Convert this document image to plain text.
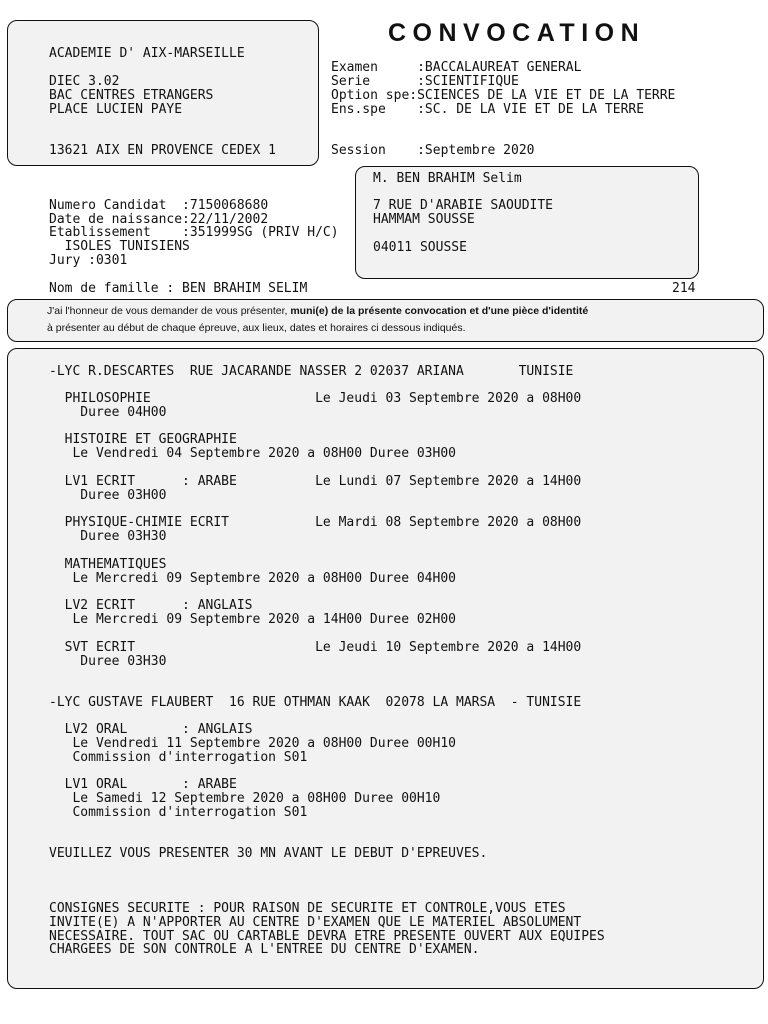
CONVOCATION
ACADEMIE D' AIX-MARSEILLE
DIEC 3.02
BAC CENTRES ETRANGERS
PLACE LUCIEN PAYE
13621 AIX EN PROVENCE CEDEX 1
Examen     :BACCALAUREAT GENERAL
Serie      :SCIENTIFIQUE
Option spe:SCIENCES DE LA VIE ET DE LA TERRE
Ens.spe    :SC. DE LA VIE ET DE LA TERRE
Session    :Septembre 2020
M. BEN BRAHIM Selim
7 RUE D'ARABIE SAOUDITE
HAMMAM SOUSSE
04011 SOUSSE
Numero Candidat  :7150068680
Date de naissance:22/11/2002
Etablissement    :351999SG (PRIV H/C)
ISOLES TUNISIENS
Jury :0301
Nom de famille : BEN BRAHIM SELIM	214
J'ai l'honneur de vous demander de vous présenter, muni(e) de la présente convocation et d'une pièce d'identité
à présenter au début de chaque épreuve, aux lieux, dates et horaires ci dessous indiqués.
-LYC R.DESCARTES  RUE JACARANDE NASSER 2 02037 ARIANA       TUNISIE
PHILOSOPHIE                     Le Jeudi 03 Septembre 2020 a 08H00
Duree 04H00
HISTOIRE ET GEOGRAPHIE
Le Vendredi 04 Septembre 2020 a 08H00 Duree 03H00
LV1 ECRIT      : ARABE          Le Lundi 07 Septembre 2020 a 14H00
Duree 03H00
PHYSIQUE-CHIMIE ECRIT           Le Mardi 08 Septembre 2020 a 08H00
Duree 03H30
MATHEMATIQUES
Le Mercredi 09 Septembre 2020 a 08H00 Duree 04H00
LV2 ECRIT      : ANGLAIS
Le Mercredi 09 Septembre 2020 a 14H00 Duree 02H00
SVT ECRIT                       Le Jeudi 10 Septembre 2020 a 14H00
Duree 03H30
-LYC GUSTAVE FLAUBERT  16 RUE OTHMAN KAAK  02078 LA MARSA  - TUNISIE
LV2 ORAL       : ANGLAIS
Le Vendredi 11 Septembre 2020 a 08H00 Duree 00H10
Commission d'interrogation S01
LV1 ORAL       : ARABE
Le Samedi 12 Septembre 2020 a 08H00 Duree 00H10
Commission d'interrogation S01
VEUILLEZ VOUS PRESENTER 30 MN AVANT LE DEBUT D'EPREUVES.
CONSIGNES SECURITE : POUR RAISON DE SECURITE ET CONTROLE,VOUS ETES
INVITE(E) A N'APPORTER AU CENTRE D'EXAMEN QUE LE MATERIEL ABSOLUMENT
NECESSAIRE. TOUT SAC OU CARTABLE DEVRA ETRE PRESENTE OUVERT AUX EQUIPES
CHARGEES DE SON CONTROLE A L'ENTREE DU CENTRE D'EXAMEN.
